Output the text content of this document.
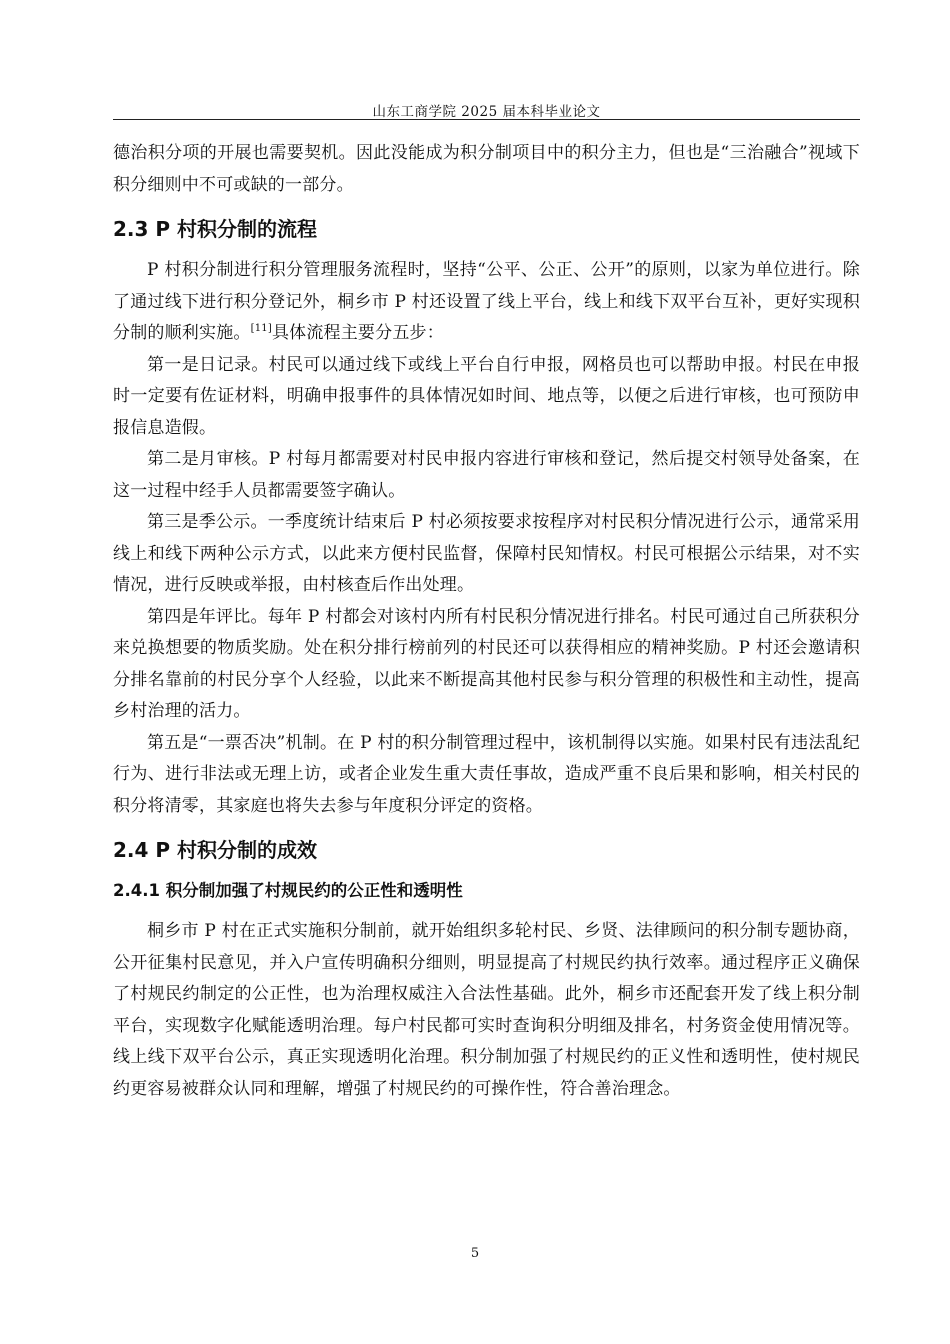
山东工商学院 2025 届本科毕业论文

德治积分项的开展也需要契机。因此没能成为积分制项目中的积分主力，但也是“三治融合”视域下积分细则中不可或缺的一部分。

2.3 P 村积分制的流程

P 村积分制进行积分管理服务流程时，坚持“公平、公正、公开”的原则，以家为单位进行。除了通过线下进行积分登记外，桐乡市 P 村还设置了线上平台，线上和线下双平台互补，更好实现积分制的顺利实施。[11]具体流程主要分五步：

第一是日记录。村民可以通过线下或线上平台自行申报，网格员也可以帮助申报。村民在申报时一定要有佐证材料，明确申报事件的具体情况如时间、地点等，以便之后进行审核，也可预防申报信息造假。

第二是月审核。P 村每月都需要对村民申报内容进行审核和登记，然后提交村领导处备案，在这一过程中经手人员都需要签字确认。

第三是季公示。一季度统计结束后 P 村必须按要求按程序对村民积分情况进行公示，通常采用线上和线下两种公示方式，以此来方便村民监督，保障村民知情权。村民可根据公示结果，对不实情况，进行反映或举报，由村核查后作出处理。

第四是年评比。每年 P 村都会对该村内所有村民积分情况进行排名。村民可通过自己所获积分来兑换想要的物质奖励。处在积分排行榜前列的村民还可以获得相应的精神奖励。P 村还会邀请积分排名靠前的村民分享个人经验，以此来不断提高其他村民参与积分管理的积极性和主动性，提高乡村治理的活力。

第五是“一票否决”机制。在 P 村的积分制管理过程中，该机制得以实施。如果村民有违法乱纪行为、进行非法或无理上访，或者企业发生重大责任事故，造成严重不良后果和影响，相关村民的积分将清零，其家庭也将失去参与年度积分评定的资格。

2.4 P 村积分制的成效
2.4.1 积分制加强了村规民约的公正性和透明性

桐乡市 P 村在正式实施积分制前，就开始组织多轮村民、乡贤、法律顾问的积分制专题协商，公开征集村民意见，并入户宣传明确积分细则，明显提高了村规民约执行效率。通过程序正义确保了村规民约制定的公正性，也为治理权威注入合法性基础。此外，桐乡市还配套开发了线上积分制平台，实现数字化赋能透明治理。每户村民都可实时查询积分明细及排名，村务资金使用情况等。线上线下双平台公示，真正实现透明化治理。积分制加强了村规民约的正义性和透明性，使村规民约更容易被群众认同和理解，增强了村规民约的可操作性，符合善治理念。

5
